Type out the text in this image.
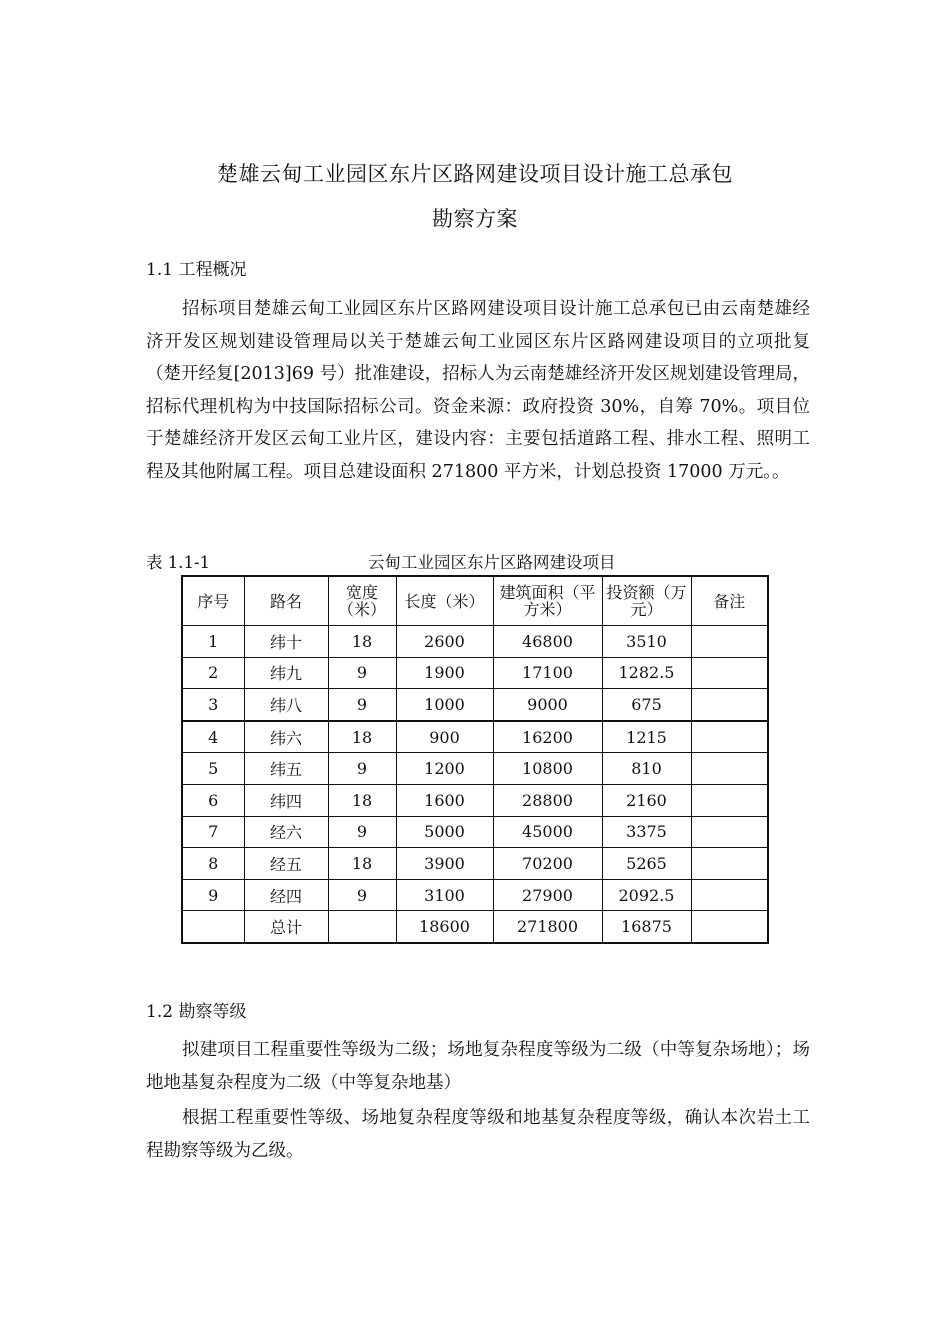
楚雄云甸工业园区东片区路网建设项目设计施工总承包
勘察方案
1.1 工程概况

招标项目楚雄云甸工业园区东片区路网建设项目设计施工总承包已由云南楚雄经济开发区规划建设管理局以关于楚雄云甸工业园区东片区路网建设项目的立项批复（楚开经复[2013]69 号）批准建设，招标人为云南楚雄经济开发区规划建设管理局，招标代理机构为中技国际招标公司。资金来源：政府投资 30%，自筹 70%。项目位于楚雄经济开发区云甸工业片区，建设内容：主要包括道路工程、排水工程、照明工程及其他附属工程。项目总建设面积 271800 平方米，计划总投资 17000 万元。。

表 1.1-1	云甸工业园区东片区路网建设项目
序号	路名	宽度（米）	长度（米）	建筑面积（平方米）	投资额（万元）	备注
1	纬十	18	2600	46800	3510	
2	纬九	9	1900	17100	1282.5	
3	纬八	9	1000	9000	675	
4	纬六	18	900	16200	1215	
5	纬五	9	1200	10800	810	
6	纬四	18	1600	28800	2160	
7	经六	9	5000	45000	3375	
8	经五	18	3900	70200	5265	
9	经四	9	3100	27900	2092.5	
	总计		18600	271800	16875	
1.2 勘察等级

拟建项目工程重要性等级为二级；场地复杂程度等级为二级（中等复杂场地）；场地地基复杂程度为二级（中等复杂地基）

根据工程重要性等级、场地复杂程度等级和地基复杂程度等级，确认本次岩土工程勘察等级为乙级。
